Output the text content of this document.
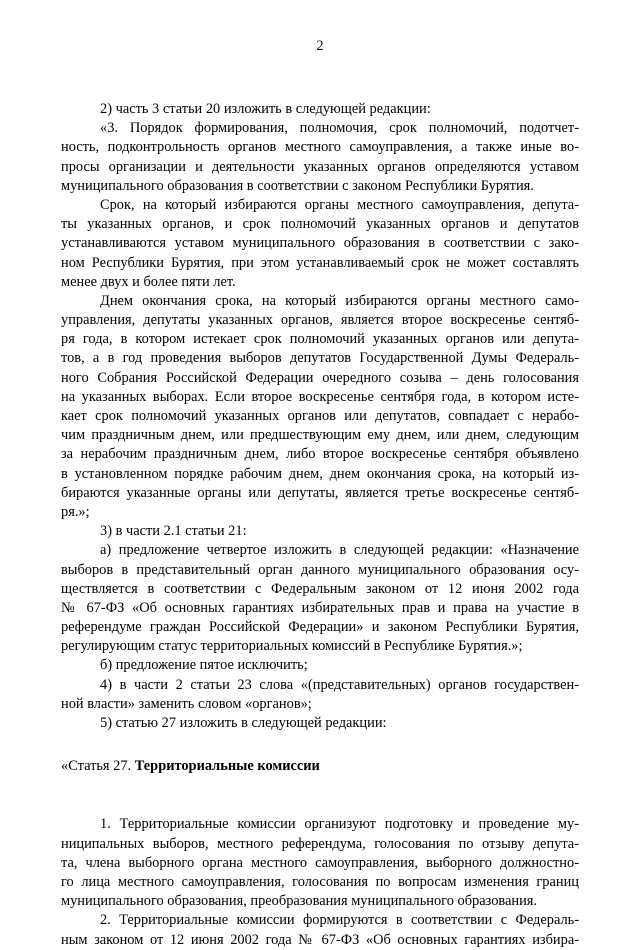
2
2) часть 3 статьи 20 изложить в следующей редакции:
«3. Порядок формирования, полномочия, срок полномочий, подотчет-
ность, подконтрольность органов местного самоуправления, а также иные во-
просы организации и деятельности указанных органов определяются уставом
муниципального образования в соответствии с законом Республики Бурятия.
Срок, на который избираются органы местного самоуправления, депута-
ты указанных органов, и срок полномочий указанных органов и депутатов
устанавливаются уставом муниципального образования в соответствии с зако-
ном Республики Бурятия, при этом устанавливаемый срок не может составлять
менее двух и более пяти лет.
Днем окончания срока, на который избираются органы местного само-
управления, депутаты указанных органов, является второе воскресенье сентяб-
ря года, в котором истекает срок полномочий указанных органов или депута-
тов, а в год проведения выборов депутатов Государственной Думы Федераль-
ного Собрания Российской Федерации очередного созыва – день голосования
на указанных выборах. Если второе воскресенье сентября года, в котором исте-
кает срок полномочий указанных органов или депутатов, совпадает с нерабо-
чим праздничным днем, или предшествующим ему днем, или днем, следующим
за нерабочим праздничным днем, либо второе воскресенье сентября объявлено
в установленном порядке рабочим днем, днем окончания срока, на который из-
бираются указанные органы или депутаты, является третье воскресенье сентяб-
ря.»;
3) в части 2.1 статьи 21:
а) предложение четвертое изложить в следующей редакции: «Назначение
выборов в представительный орган данного муниципального образования осу-
ществляется в соответствии с Федеральным законом от 12 июня 2002 года
№ 67-ФЗ «Об основных гарантиях избирательных прав и права на участие в
референдуме граждан Российской Федерации» и законом Республики Бурятия,
регулирующим статус территориальных комиссий в Республике Бурятия.»;
б) предложение пятое исключить;
4) в части 2 статьи 23 слова «(представительных) органов государствен-
ной власти» заменить словом «органов»;
5) статью 27 изложить в следующей редакции:
«Статья 27. Территориальные комиссии
1. Территориальные комиссии организуют подготовку и проведение му-
ниципальных выборов, местного референдума, голосования по отзыву депута-
та, члена выборного органа местного самоуправления, выборного должностно-
го лица местного самоуправления, голосования по вопросам изменения границ
муниципального образования, преобразования муниципального образования.
2. Территориальные комиссии формируются в соответствии с Федераль-
ным законом от 12 июня 2002 года № 67-ФЗ «Об основных гарантиях избира-
